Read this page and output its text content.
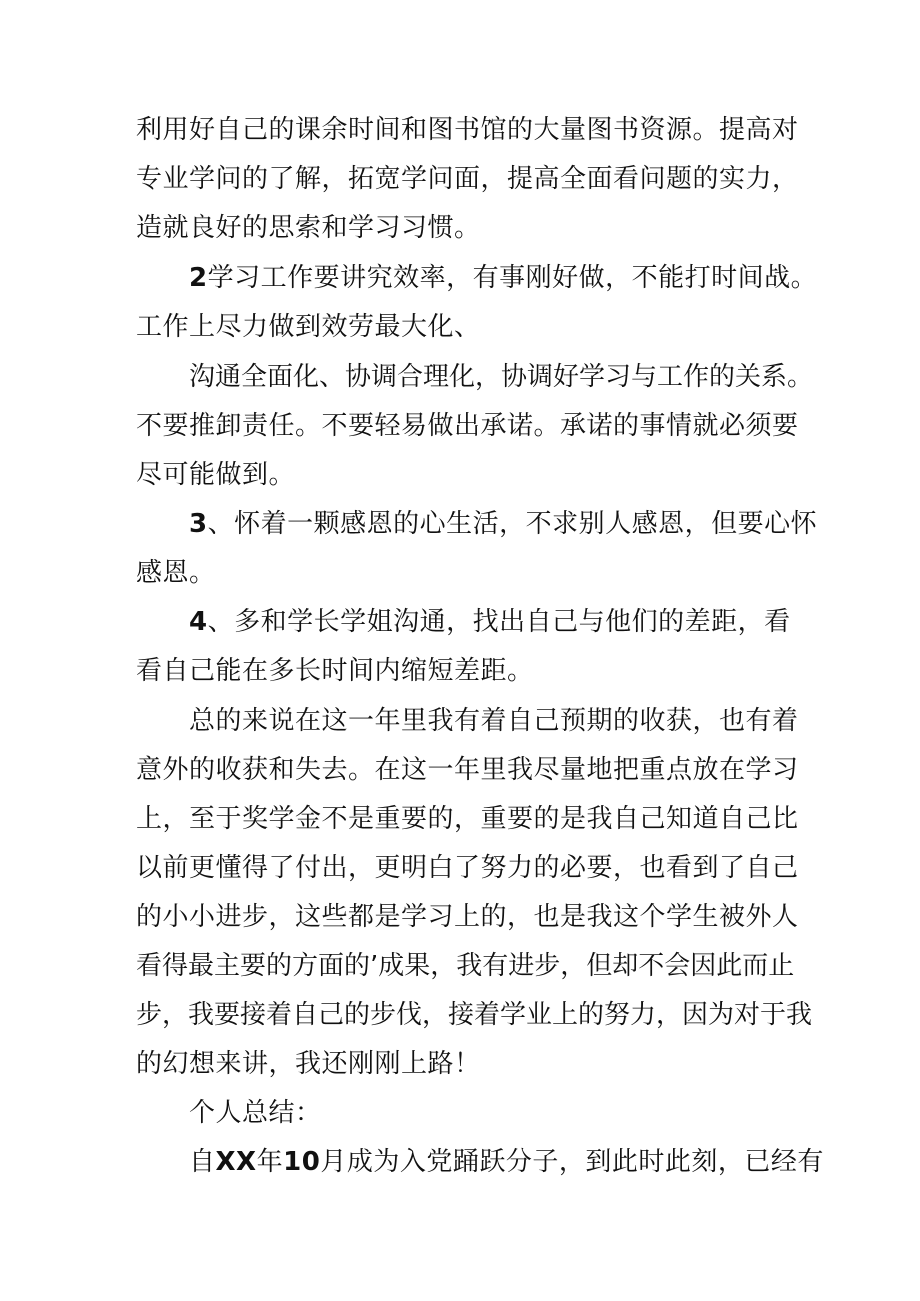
利用好自己的课余时间和图书馆的大量图书资源。提高对
专业学问的了解，拓宽学问面，提高全面看问题的实力，
造就良好的思索和学习习惯。
2学习工作要讲究效率，有事刚好做，不能打时间战。
工作上尽力做到效劳最大化、
沟通全面化、协调合理化，协调好学习与工作的关系。
不要推卸责任。不要轻易做出承诺。承诺的事情就必须要
尽可能做到。
3、怀着一颗感恩的心生活，不求别人感恩，但要心怀
感恩。
4、多和学长学姐沟通，找出自己与他们的差距，看
看自己能在多长时间内缩短差距。
总的来说在这一年里我有着自己预期的收获，也有着
意外的收获和失去。在这一年里我尽量地把重点放在学习
上，至于奖学金不是重要的，重要的是我自己知道自己比
以前更懂得了付出，更明白了努力的必要，也看到了自己
的小小进步，这些都是学习上的，也是我这个学生被外人
看得最主要的方面的’成果，我有进步，但却不会因此而止
步，我要接着自己的步伐，接着学业上的努力，因为对于我
的幻想来讲，我还刚刚上路！
个人总结：
自XX年10月成为入党踊跃分子，到此时此刻，已经有
